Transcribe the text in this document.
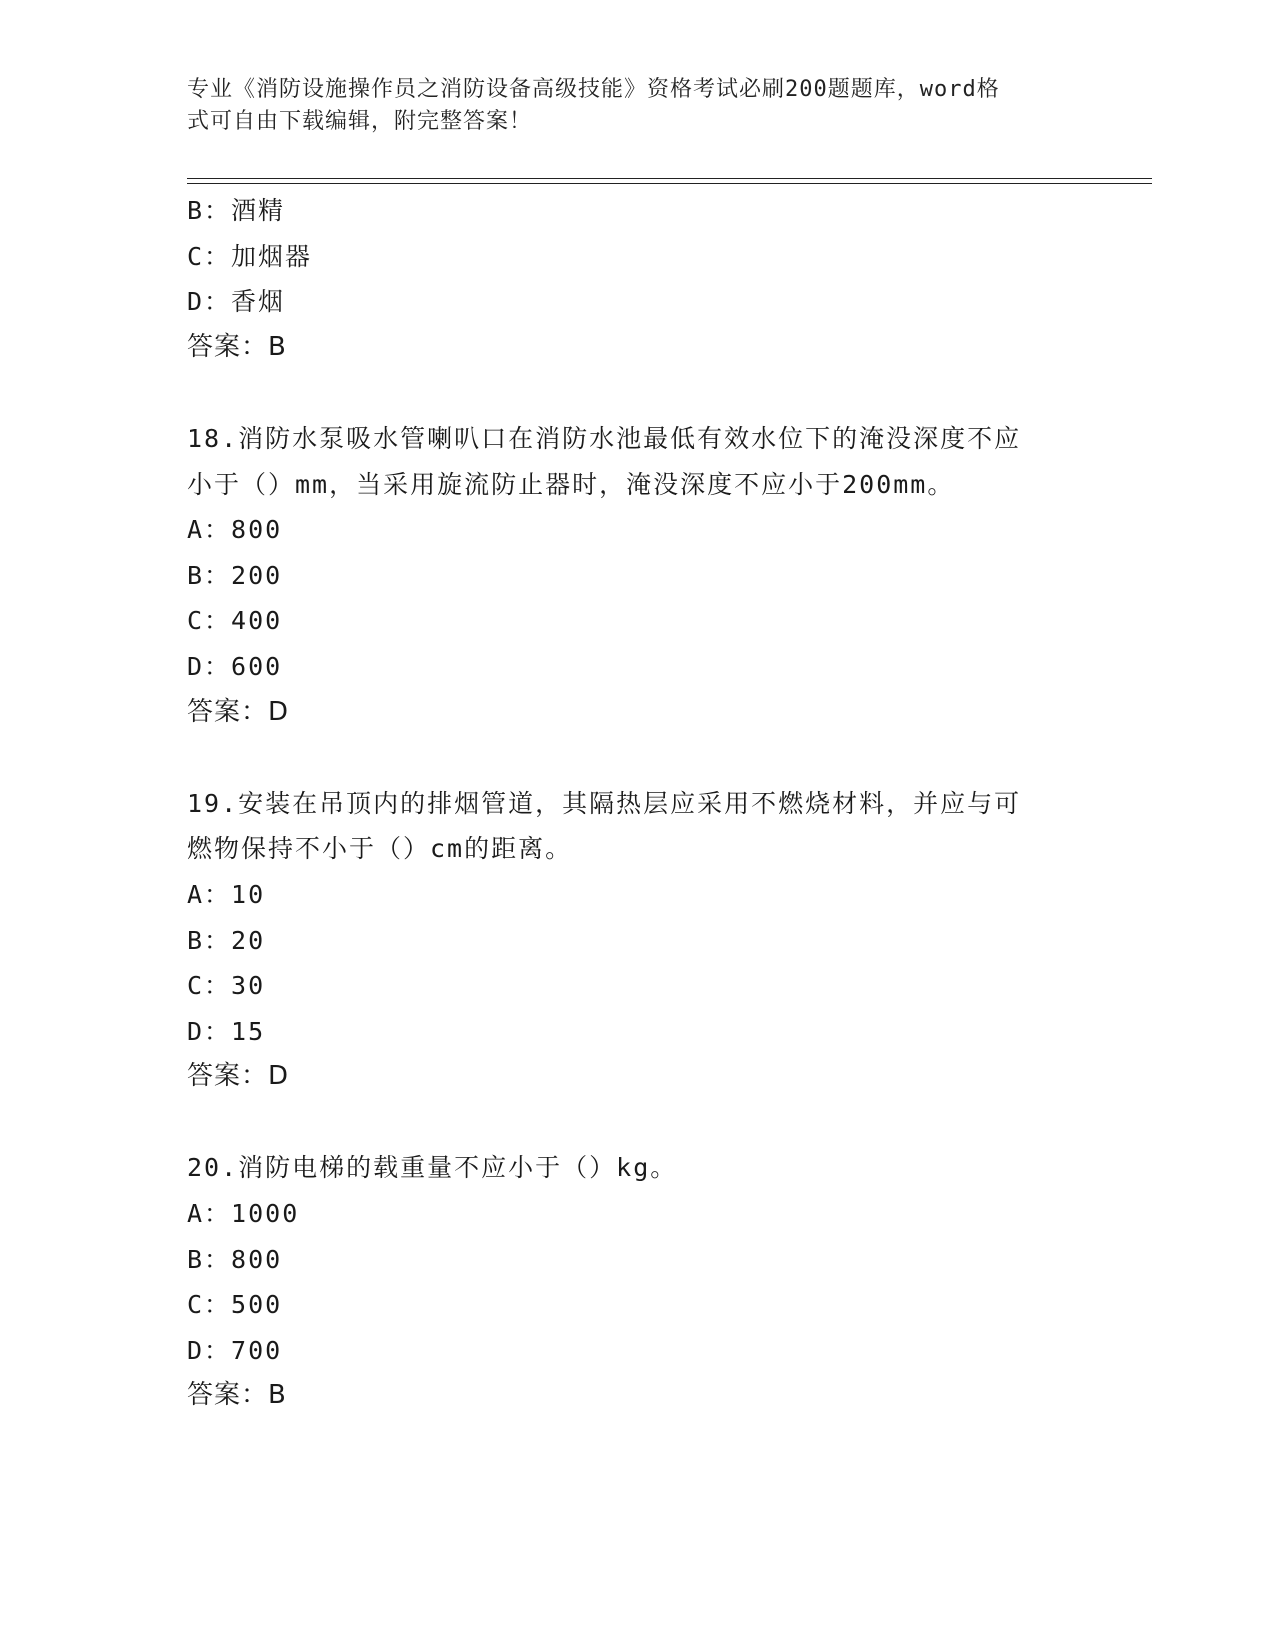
专业《消防设施操作员之消防设备高级技能》资格考试必刷200题题库，word格
式可自由下载编辑，附完整答案！
B：酒精
C：加烟器
D：香烟
答案：B
18.消防水泵吸水管喇叭口在消防水池最低有效水位下的淹没深度不应
小于（）mm，当采用旋流防止器时，淹没深度不应小于200mm。
A：800
B：200
C：400
D：600
答案：D
19.安装在吊顶内的排烟管道，其隔热层应采用不燃烧材料，并应与可
燃物保持不小于（）cm的距离。
A：10
B：20
C：30
D：15
答案：D
20.消防电梯的载重量不应小于（）kg。
A：1000
B：800
C：500
D：700
答案：B
